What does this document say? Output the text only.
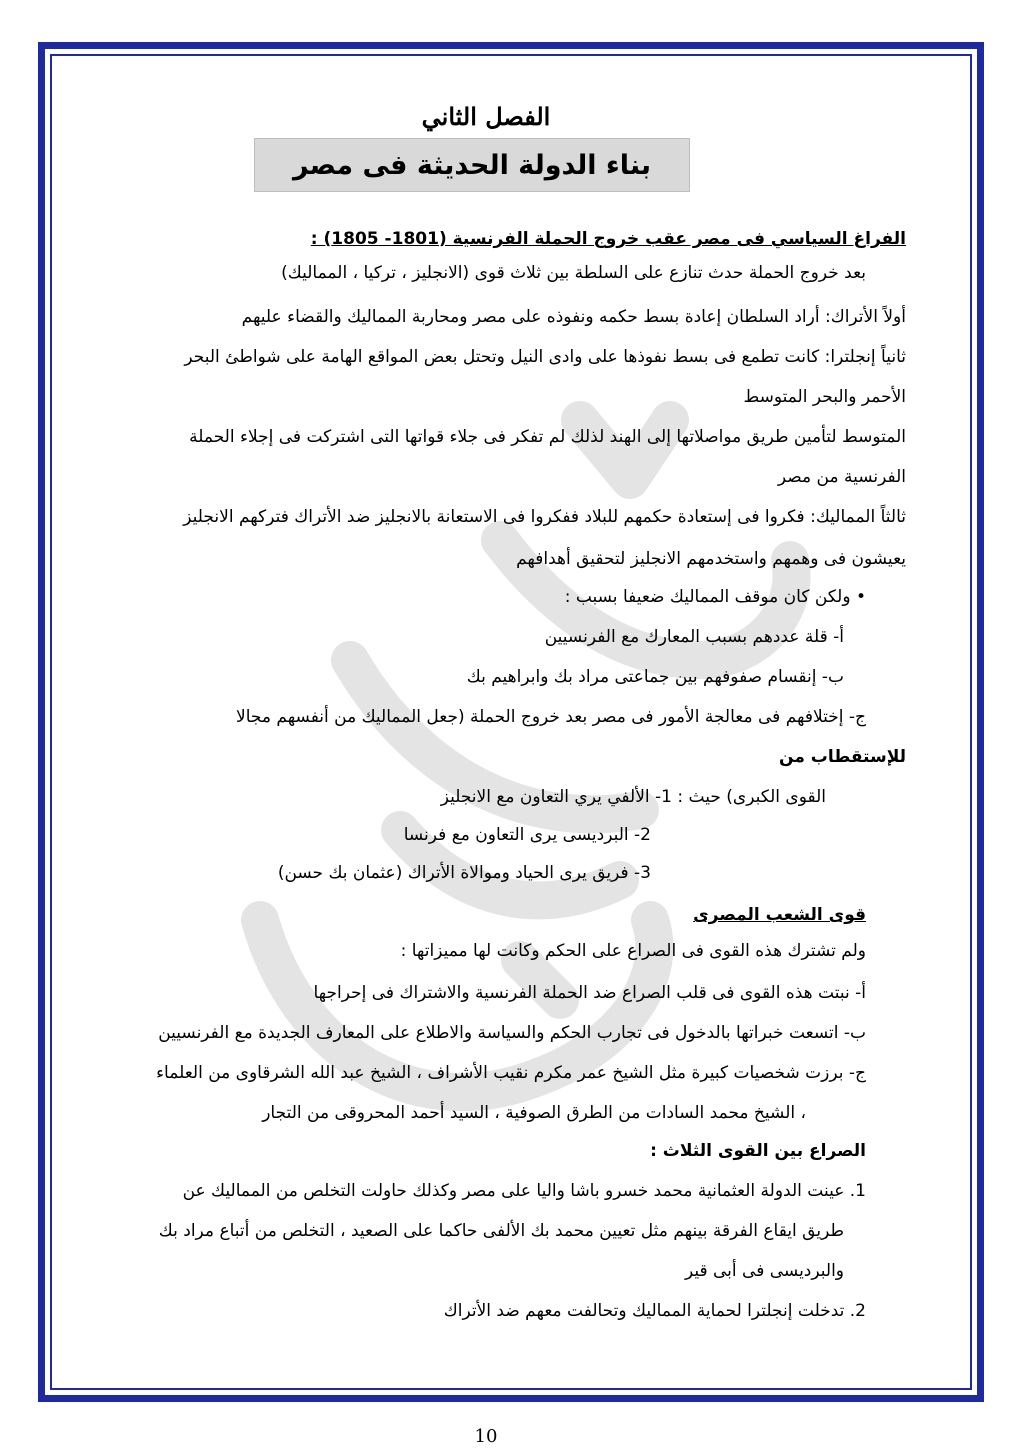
الفصل الثاني
بناء الدولة الحديثة فى مصر
الفراغ السياسي فى مصر عقب خروج الحملة الفرنسية (1801- 1805) :
بعد خروج الحملة حدث تنازع على السلطة بين ثلاث قوى (الانجليز ، تركيا ، المماليك)
أولاً الأتراك: أراد السلطان إعادة بسط حكمه ونفوذه على مصر ومحاربة المماليك والقضاء عليهم
ثانياً إنجلترا: كانت تطمع فى بسط نفوذها على وادى النيل وتحتل بعض المواقع الهامة على شواطئ البحر
الأحمر والبحر المتوسط
المتوسط لتأمين طريق مواصلاتها إلى الهند لذلك لم تفكر فى جلاء قواتها التى اشتركت فى إجلاء الحملة
الفرنسية من مصر
ثالثاً المماليك: فكروا فى إستعادة حكمهم للبلاد ففكروا فى الاستعانة بالانجليز ضد الأتراك فتركهم الانجليز
يعيشون فى وهمهم واستخدمهم الانجليز لتحقيق أهدافهم
• ولكن كان موقف المماليك ضعيفا بسبب :
أ- قلة عددهم بسبب المعارك مع الفرنسيين
ب- إنقسام صفوفهم بين جماعتى مراد بك وابراهيم بك
ج- إختلافهم فى معالجة الأمور فى مصر بعد خروج الحملة (جعل المماليك من أنفسهم مجالا
للإستقطاب من
القوى الكبرى) حيث : 1- الألفي يري التعاون مع الانجليز
2- البرديسى يرى التعاون مع فرنسا
3- فريق يرى الحياد وموالاة الأتراك (عثمان بك حسن)
قوى الشعب المصرى
ولم تشترك هذه القوى فى الصراع على الحكم وكانت لها مميزاتها :
أ- نبتت هذه القوى فى قلب الصراع ضد الحملة الفرنسية والاشتراك فى إحراجها
ب- اتسعت خبراتها بالدخول فى تجارب الحكم والسياسة والاطلاع على المعارف الجديدة مع الفرنسيين
ج- برزت شخصيات كبيرة مثل الشيخ عمر مكرم نقيب الأشراف ، الشيخ عبد الله الشرقاوى من العلماء
، الشيخ محمد السادات من الطرق الصوفية ، السيد أحمد المحروقى من التجار
الصراع بين القوى الثلاث :
1. عينت الدولة العثمانية محمد خسرو باشا واليا على مصر وكذلك حاولت التخلص من المماليك عن
طريق ايقاع الفرقة بينهم مثل تعيين محمد بك الألفى حاكما على الصعيد ، التخلص من أتباع مراد بك
والبرديسى فى أبى قير
2. تدخلت إنجلترا لحماية المماليك وتحالفت معهم ضد الأتراك
10
